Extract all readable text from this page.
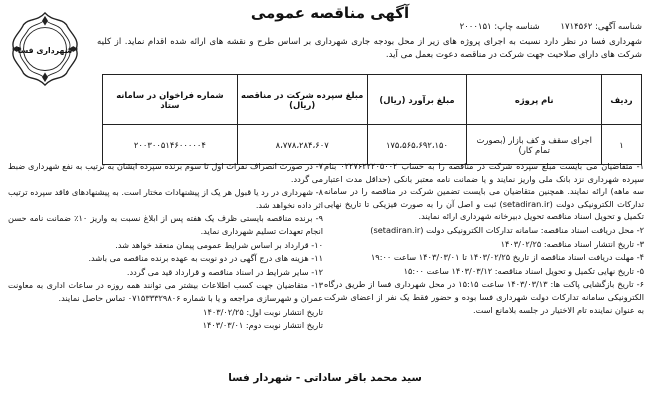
آگهی مناقصه عمومی
شناسه آگهی: ۱۷۱۴۵۶۲ شناسه چاپ: ۲۰۰۰۱۵۱
شهرداری فسا در نظر دارد نسبت به اجرای پروژه های زیر از محل بودجه جاری شهرداری بر اساس طرح و نقشه های ارائه شده اقدام نماید. از کلیه شرکت های دارای صلاحیت جهت شرکت در مناقصه دعوت بعمل می آید.
شهرداری فسا
ردیف	نام پروژه	مبلغ برآورد (ریال)	مبلغ سپرده شرکت در مناقصه (ریال)	شماره فراخوان در سامانه ستاد
۱	اجرای سقف و کف بازار (بصورت تمام کار)	۱۷۵،۵۶۵،۶۹۲،۱۵۰	۸،۷۷۸،۲۸۴،۶۰۷	۲۰۰۳۰۰۵۱۴۶۰۰۰۰۰۴

۱- متقاضیان می بایست مبلغ سپرده شرکت در مناقصه را به حساب ۰۲۲۷۶۲۲۲۰۵۰۰۲ بنام سپرده شهرداری نزد بانک ملی واریز نمایند و یا ضمانت نامه معتبر بانکی (حداقل مدت اعتبار سه ماهه) ارائه نمایند. همچنین متقاضیان می بایست تضمین شرکت در مناقصه را در سامانه تدارکات الکترونیکی دولت (setadiran.ir) ثبت و اصل آن را به صورت فیزیکی تا تاریخ نهایی تکمیل و تحویل اسناد مناقصه تحویل دبیرخانه شهرداری ارائه نمایند.

۲- محل دریافت اسناد مناقصه: سامانه تدارکات الکترونیکی دولت (setadiran.ir)

۳- تاریخ انتشار اسناد مناقصه: ۱۴۰۳/۰۲/۲۵

۴- مهلت دریافت اسناد مناقصه از تاریخ ۱۴۰۳/۰۲/۲۵ تا ۱۴۰۳/۰۳/۰۱ ساعت ۱۹:۰۰

۵- تاریخ نهایی تکمیل و تحویل اسناد مناقصه: ۱۴۰۳/۰۳/۱۲ ساعت ۱۵:۰۰

۶- تاریخ بازگشایی پاکت ها: ۱۴۰۳/۰۳/۱۳ ساعت ۱۵:۱۵ در محل شهرداری فسا از طریق درگاه الکترونیکی سامانه تدارکات دولت شهرداری فسا بوده و حضور فقط یک نفر از اعضای شرکت به عنوان نماینده تام الاختیار در جلسه بلامانع است.

۷- در صورت انصراف نفرات اول تا سوم برنده سپرده ایشان به ترتیب به نفع شهرداری ضبط می گردد.

۸- شهرداری در رد یا قبول هر یک از پیشنهادات مختار است. به پیشنهادهای فاقد سپرده ترتیب اثر داده نخواهد شد.

۹- برنده مناقصه بایستی ظرف یک هفته پس از ابلاغ نسبت به واریز ۱۰٪ ضمانت نامه حسن انجام تعهدات تسلیم شهرداری نماید.

۱۰- قرارداد بر اساس شرایط عمومی پیمان منعقد خواهد شد.

۱۱- هزینه های درج آگهی در دو نوبت به عهده برنده مناقصه می باشد.

۱۲- سایر شرایط در اسناد مناقصه و قرارداد قید می گردد.

۱۳- متقاضیان جهت کسب اطلاعات بیشتر می توانند همه روزه در ساعات اداری به معاونت عمران و شهرسازی مراجعه و یا با شماره ۰۷۱۵۳۳۳۲۹۸۰۶ تماس حاصل نمایند.

تاریخ انتشار نوبت اول: ۱۴۰۳/۰۲/۲۵

تاریخ انتشار نوبت دوم: ۱۴۰۳/۰۳/۰۱

سید محمد باقر ساداتی - شهردار فسا
